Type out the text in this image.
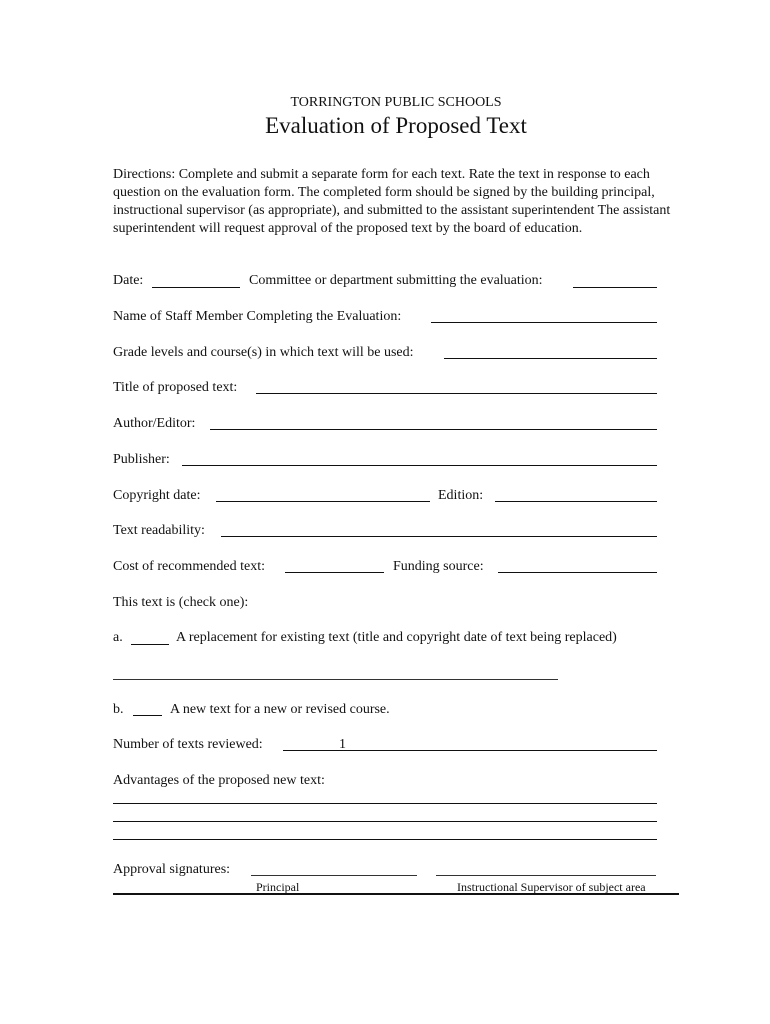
TORRINGTON PUBLIC SCHOOLS
Evaluation of Proposed Text
Directions: Complete and submit a separate form for each text. Rate the text in response to each question on the evaluation form. The completed form should be signed by the building principal, instructional supervisor (as appropriate), and submitted to the assistant superintendent The assistant superintendent will request approval of the proposed text by the board of education.
Date:	Committee or department submitting the evaluation:
Name of Staff Member Completing the Evaluation:
Grade levels and course(s) in which text will be used:
Title of proposed text:
Author/Editor:
Publisher:
Copyright date:	Edition:
Text readability:
Cost of recommended text:	Funding source:
This text is (check one):
a.	A replacement for existing text (title and copyright date of text being replaced)
b.	A new text for a new or revised course.
Number of texts reviewed:	1
Advantages of the proposed new text:
Approval signatures:
Principal	Instructional Supervisor of subject area
